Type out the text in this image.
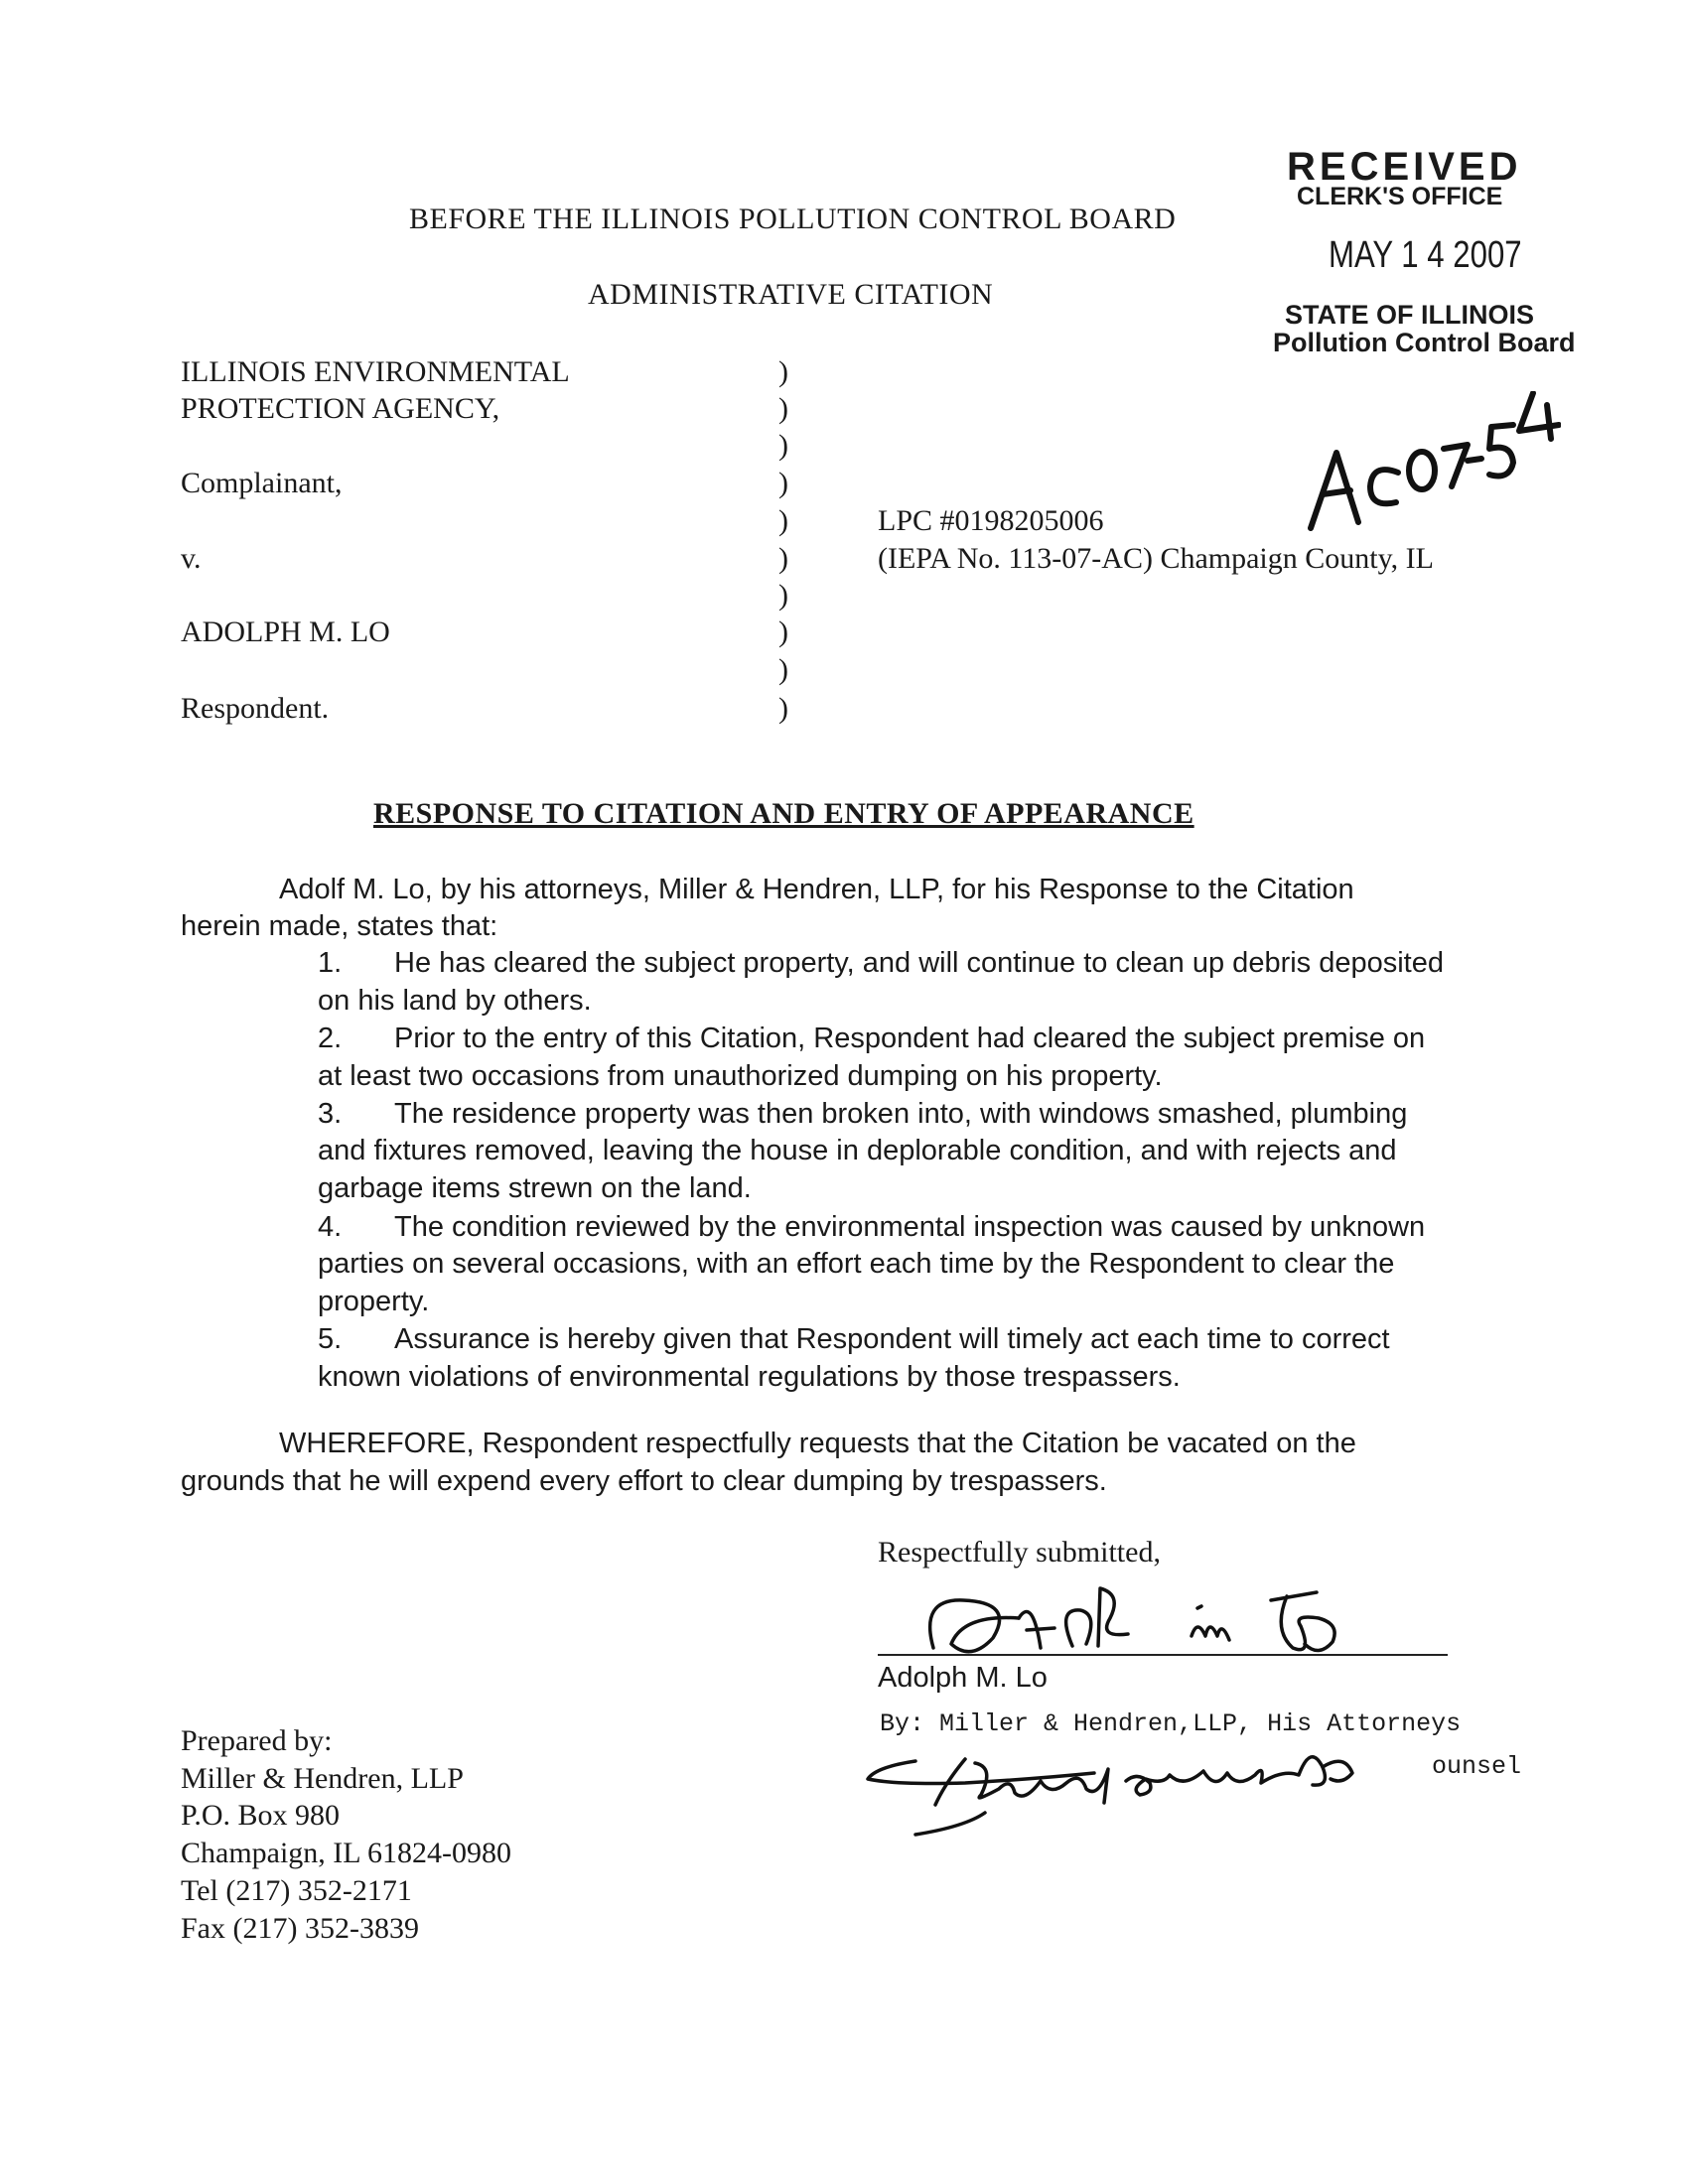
BEFORE THE ILLINOIS POLLUTION CONTROL BOARD
ADMINISTRATIVE CITATION
RECEIVED
CLERK'S OFFICE
MAY 1 4 2007
STATE OF ILLINOIS
Pollution Control Board
ILLINOIS ENVIRONMENTAL
PROTECTION AGENCY,
Complainant,
v.
ADOLPH M. LO
Respondent.
)
)
)
)
)
)
)
)
)
)
LPC #0198205006
(IEPA No. 113-07-AC) Champaign County, IL
RESPONSE TO CITATION AND ENTRY OF APPEARANCE
Adolf M. Lo, by his attorneys, Miller & Hendren, LLP, for his Response to the Citation
herein made, states that:
1. He has cleared the subject property, and will continue to clean up debris deposited
on his land by others.
2. Prior to the entry of this Citation, Respondent had cleared the subject premise on
at least two occasions from unauthorized dumping on his property.
3. The residence property was then broken into, with windows smashed, plumbing
and fixtures removed, leaving the house in deplorable condition, and with rejects and
garbage items strewn on the land.
4. The condition reviewed by the environmental inspection was caused by unknown
parties on several occasions, with an effort each time by the Respondent to clear the
property.
5. Assurance is hereby given that Respondent will timely act each time to correct
known violations of environmental regulations by those trespassers.
WHEREFORE, Respondent respectfully requests that the Citation be vacated on the
grounds that he will expend every effort to clear dumping by trespassers.
Respectfully submitted,
Adolph M. Lo
By: Miller & Hendren,LLP, His Attorneys
ounsel
Prepared by:
Miller & Hendren, LLP
P.O. Box 980
Champaign, IL 61824-0980
Tel (217) 352-2171
Fax (217) 352-3839
